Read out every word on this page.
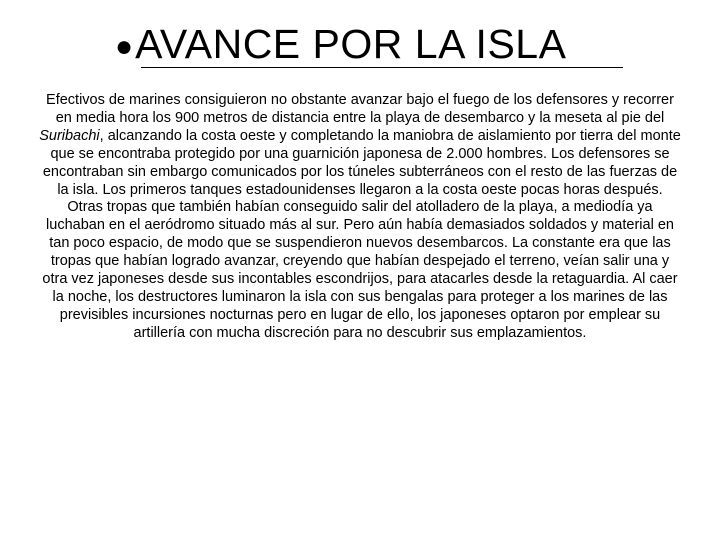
● AVANCE POR LA ISLA

Efectivos de marines consiguieron no obstante avanzar bajo el fuego de los defensores y recorrer en media hora los 900 metros de distancia entre la playa de desembarco y la meseta al pie del Suribachi, alcanzando la costa oeste y completando la maniobra de aislamiento por tierra del monte que se encontraba protegido por una guarnición japonesa de 2.000 hombres. Los defensores se encontraban sin embargo comunicados por los túneles subterráneos con el resto de las fuerzas de la isla. Los primeros tanques estadounidenses llegaron a la costa oeste pocas horas después. Otras tropas que también habían conseguido salir del atolladero de la playa, a mediodía ya luchaban en el aeródromo situado más al sur. Pero aún había demasiados soldados y material en tan poco espacio, de modo que se suspendieron nuevos desembarcos. La constante era que las tropas que habían logrado avanzar, creyendo que habían despejado el terreno, veían salir una y otra vez japoneses desde sus incontables escondrijos, para atacarles desde la retaguardia. Al caer la noche, los destructores luminaron la isla con sus bengalas para proteger a los marines de las previsibles incursiones nocturnas pero en lugar de ello, los japoneses optaron por emplear su artillería con mucha discreción para no descubrir sus emplazamientos.
